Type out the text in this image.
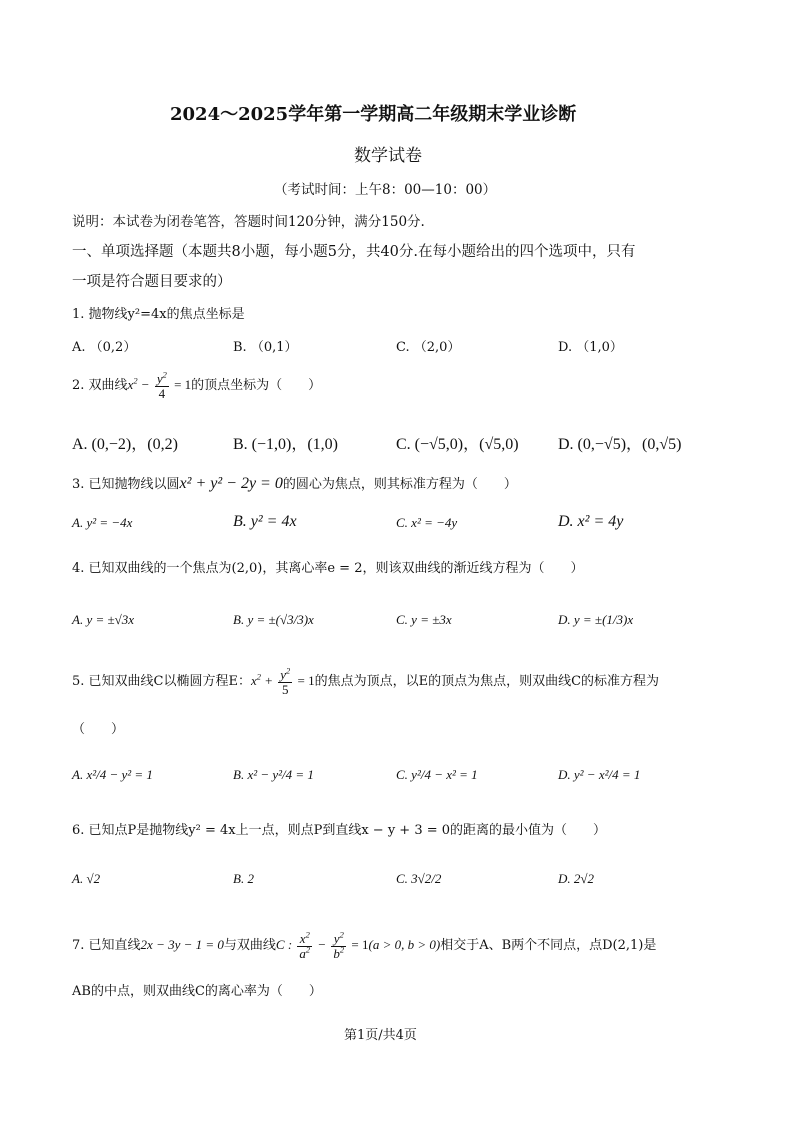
2024～2025学年第一学期高二年级期末学业诊断
数学试卷
（考试时间：上午8：00—10：00）
说明：本试卷为闭卷笔答，答题时间120分钟，满分150分.
一、单项选择题（本题共8小题，每小题5分，共40分.在每小题给出的四个选项中，只有
一项是符合题目要求的）
1. 抛物线y²=4x的焦点坐标是
A. （0,2）	B. （0,1）	C. （2,0）	D. （1,0）
2. 双曲线$x^2 - \frac{y^2}{4} = 1$的顶点坐标为（　　）
A. (0,−2)，(0,2)	B. (−1,0)，(1,0)	C. (−√5,0)，(√5,0) D. (0,−√5)，(0,√5)
3. 已知抛物线以圆x² + y² − 2y = 0的圆心为焦点，则其标准方程为（　　）
A. y² = −4x	B. y² = 4x	C. x² = −4y	D. x² = 4y
4. 已知双曲线的一个焦点为(2,0)，其离心率e = 2，则该双曲线的渐近线方程为（　　）
A. y = ±√3x	B. y = ±(√3/3)x	C. y = ±3x	D. y = ±(1/3)x
5. 已知双曲线C以椭圆方程E：$x^2 + \frac{y^2}{5} = 1$的焦点为顶点，以E的顶点为焦点，则双曲线C的标准方程为
（　　）
A. x²/4 − y² = 1	B. x² − y²/4 = 1	C. y²/4 − x² = 1	D. y² − x²/4 = 1
6. 已知点P是抛物线y² = 4x上一点，则点P到直线x − y + 3 = 0的距离的最小值为（　　）
A. √2	B. 2	C. 3√2/2	D. 2√2
7. 已知直线2x − 3y − 1 = 0与双曲线C : $\frac{x^2}{a^2} - \frac{y^2}{b^2} = 1(a > 0$, b > 0)相交于A、B两个不同点，点D(2,1)是
AB的中点，则双曲线C的离心率为（　　）
第1页/共4页
